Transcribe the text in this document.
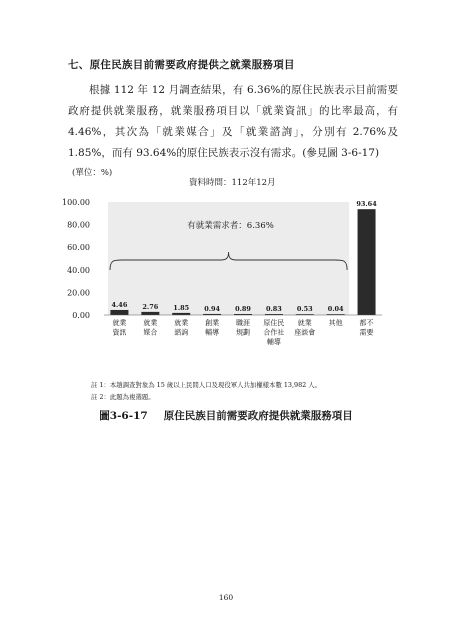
七、原住民族目前需要政府提供之就業服務項目

根據 112 年 12 月調查結果，有 6.36%的原住民族表示目前需要政府提供就業服務，就業服務項目以「就業資訊」的比率最高，有 4.46%，其次為「就業媒合」及「就業諮詢」，分別有 2.76%及 1.85%，而有 93.64%的原住民族表示沒有需求。(參見圖 3-6-17)

(單位：%)
資料時間：112年12月
100.00
80.00
60.00
40.00
20.00
0.00
有就業需求者：6.36%
4.46
就業
資訊
2.76
就業
媒合
1.85
就業
諮詢
0.94
創業
輔導
0.89
職涯
規劃
0.83
原住民
合作社
輔導
0.53
就業
座談會
0.04
其他
93.64
都不
需要
註 1：本趟調查對象為 15 歲以上民間人口及現役軍人共加權樣本數 13,982 人。
註 2：此題為複選題。
圖3-6-17 原住民族目前需要政府提供就業服務項目
160
